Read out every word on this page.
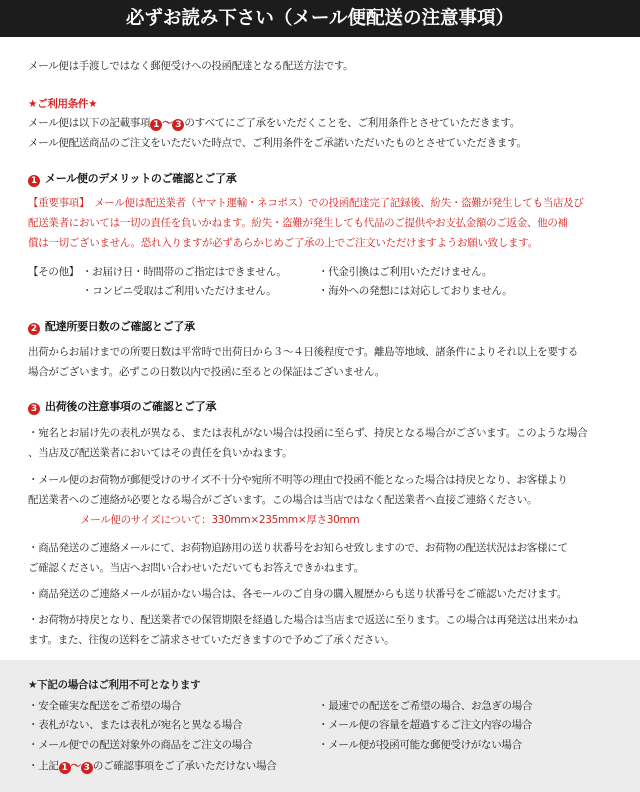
必ずお読み下さい（メール便配送の注意事項）
メール便は手渡しではなく郵便受けへの投函配達となる配送方法です。
★ご利用条件★
メール便は以下の記載事項 1 〜 3 のすべてにご了承をいただくことを、ご利用条件とさせていただきます。
メール便配送商品のご注文をいただいた時点で、ご利用条件をご承諾いただいたものとさせていただきます。
1 メール便のデメリットのご確認とご了承
【重要事項】　メール便は配送業者（ヤマト運輸・ネコポス）での投函配達完了記録後、紛失・盗難が発生しても当店及び
配送業者においては一切の責任を負いかねます。紛失・盗難が発生しても代品のご提供やお支払金額のご返金、他の補
償は一切ございません。恐れ入りますが必ずあらかじめご了承の上でご注文いただけますようお願い致します。
【その他】 ・お届け日・時間帯のご指定はできません。	・代金引換はご利用いただけません。
・コンビニ受取はご利用いただけません。	・海外への発想には対応しておりません。
2 配達所要日数のご確認とご了承
出荷からお届けまでの所要日数は平常時で出荷日から３～４日後程度です。離島等地域、諸条件によりそれ以上を要する
場合がございます。必ずこの日数以内で投函に至るとの保証はございません。
3 出荷後の注意事項のご確認とご了承
・宛名とお届け先の表札が異なる、または表札がない場合は投函に至らず、持戻となる場合がございます。このような場合
、当店及び配送業者においてはその責任を負いかねます。
・メール便のお荷物が郵便受けのサイズ不十分や宛所不明等の理由で投函不能となった場合は持戻となり、お客様より
配送業者へのご連絡が必要となる場合がございます。この場合は当店ではなく配送業者へ直接ご連絡ください。
メール便のサイズについて：330mm×235mm×厚さ30mm
・商品発送のご連絡メールにて、お荷物追跡用の送り状番号をお知らせ致しますので、お荷物の配送状況はお客様にて
ご確認ください。当店へお問い合わせいただいてもお答えできかねます。
・商品発送のご連絡メールが届かない場合は、各モールのご自身の購入履歴からも送り状番号をご確認いただけます。
・お荷物が持戻となり、配送業者での保管期限を経過した場合は当店まで返送に至ります。この場合は再発送は出来かね
ます。また、往復の送料をご請求させていただきますので予めご了承ください。
★下記の場合はご利用不可となります
・安全確実な配送をご希望の場合
・表札がない、または表札が宛名と異なる場合
・メール便での配送対象外の商品をご注文の場合
・最速での配送をご希望の場合、お急ぎの場合
・メール便の容量を超過するご注文内容の場合
・メール便が投函可能な郵便受けがない場合
・上記 1 〜 3 のご確認事項をご了承いただけない場合
